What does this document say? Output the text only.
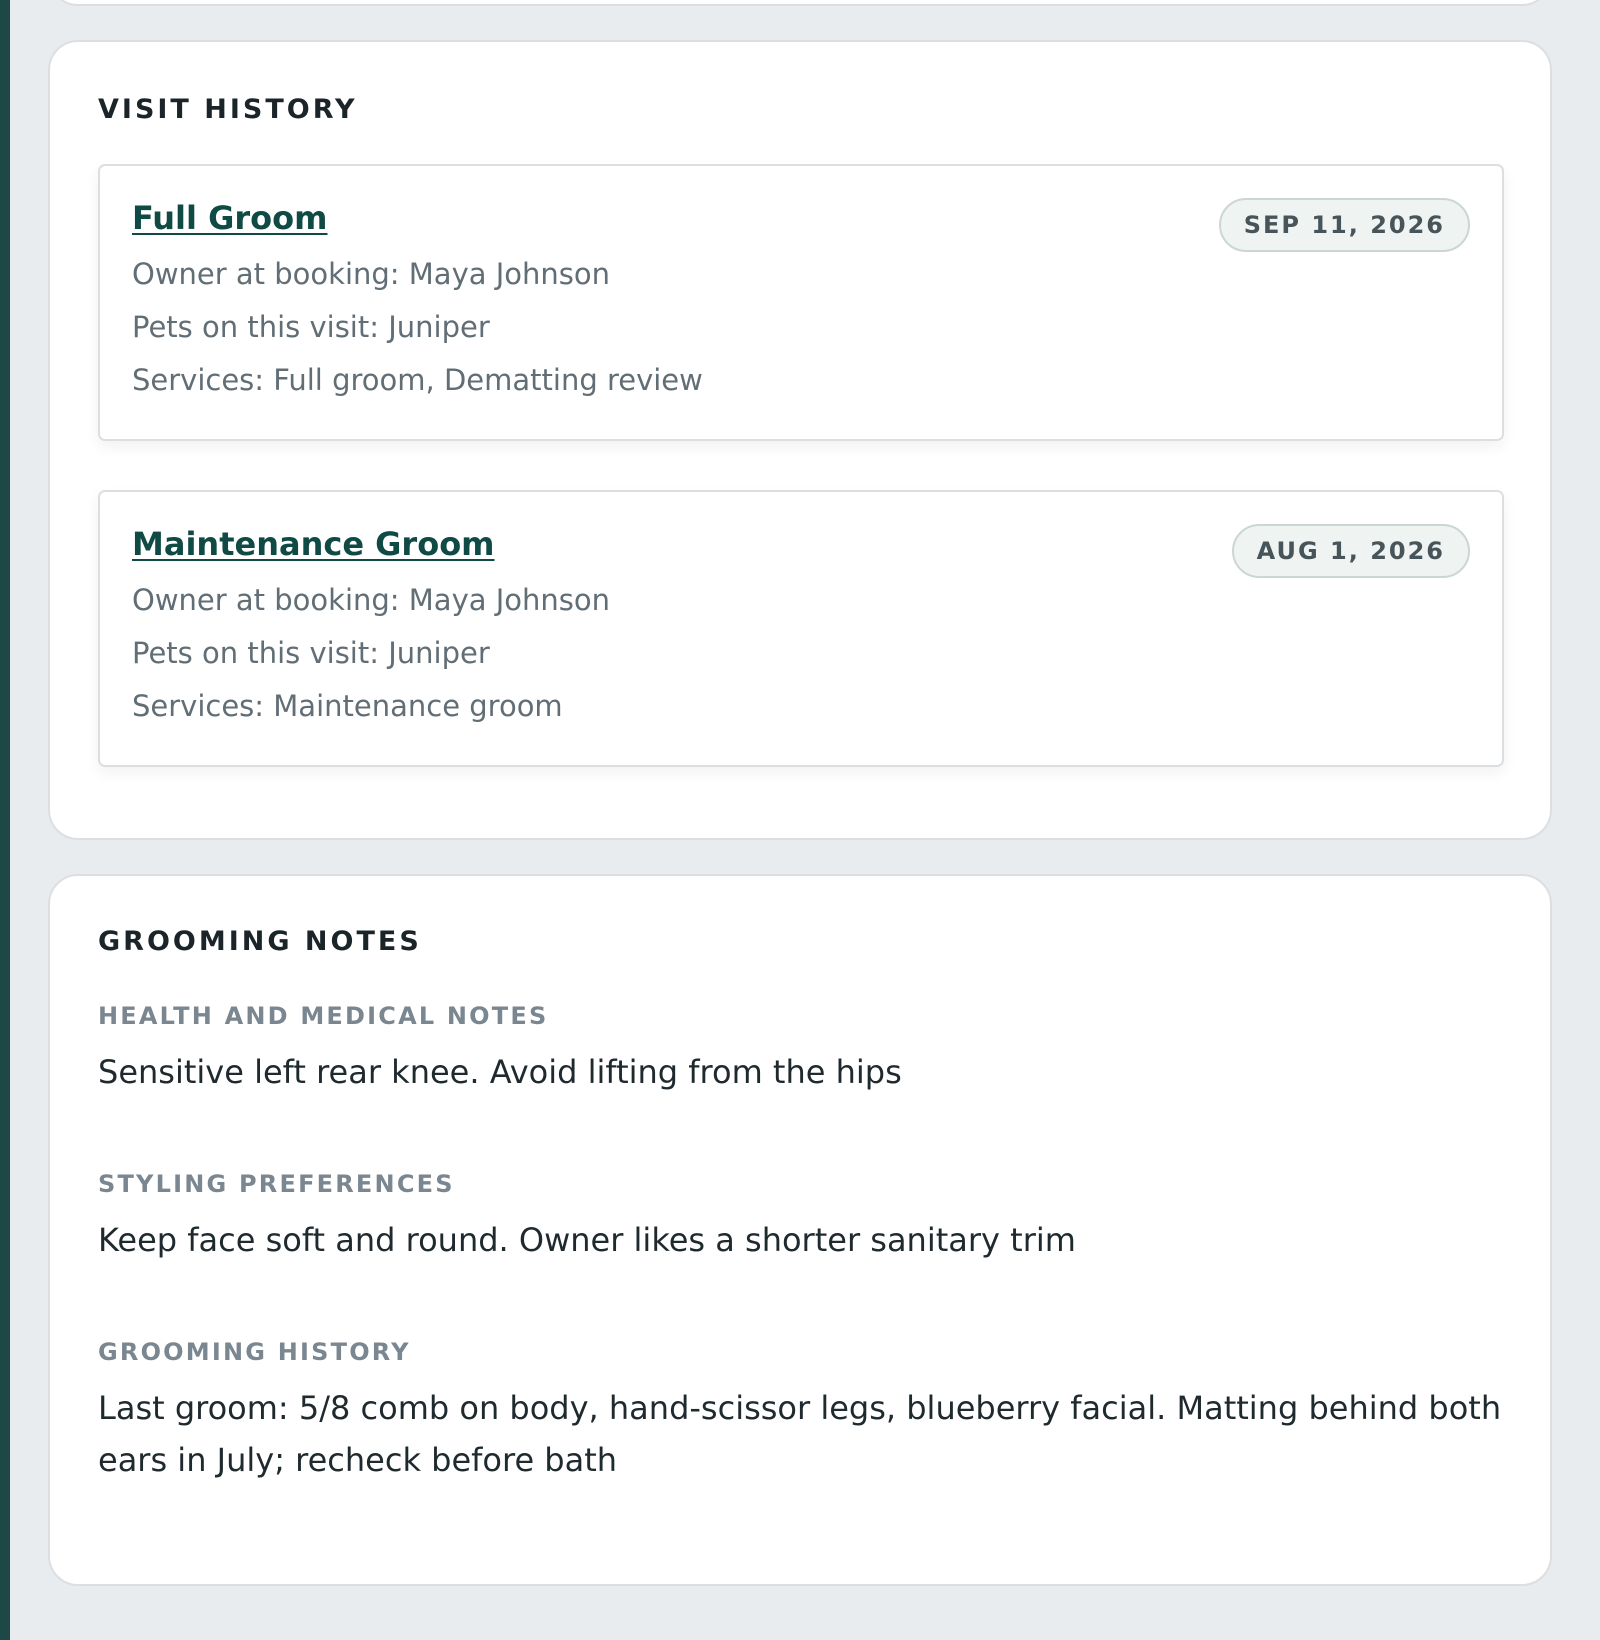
VISIT HISTORY
Full Groom	SEP 11, 2026
Owner at booking: Maya Johnson
Pets on this visit: Juniper
Services: Full groom, Dematting review
Maintenance Groom	AUG 1, 2026
Owner at booking: Maya Johnson
Pets on this visit: Juniper
Services: Maintenance groom
GROOMING NOTES
HEALTH AND MEDICAL NOTES
Sensitive left rear knee. Avoid lifting from the hips
STYLING PREFERENCES
Keep face soft and round. Owner likes a shorter sanitary trim
GROOMING HISTORY
Last groom: 5/8 comb on body, hand-scissor legs, blueberry facial. Matting behind both ears in July; recheck before bath
